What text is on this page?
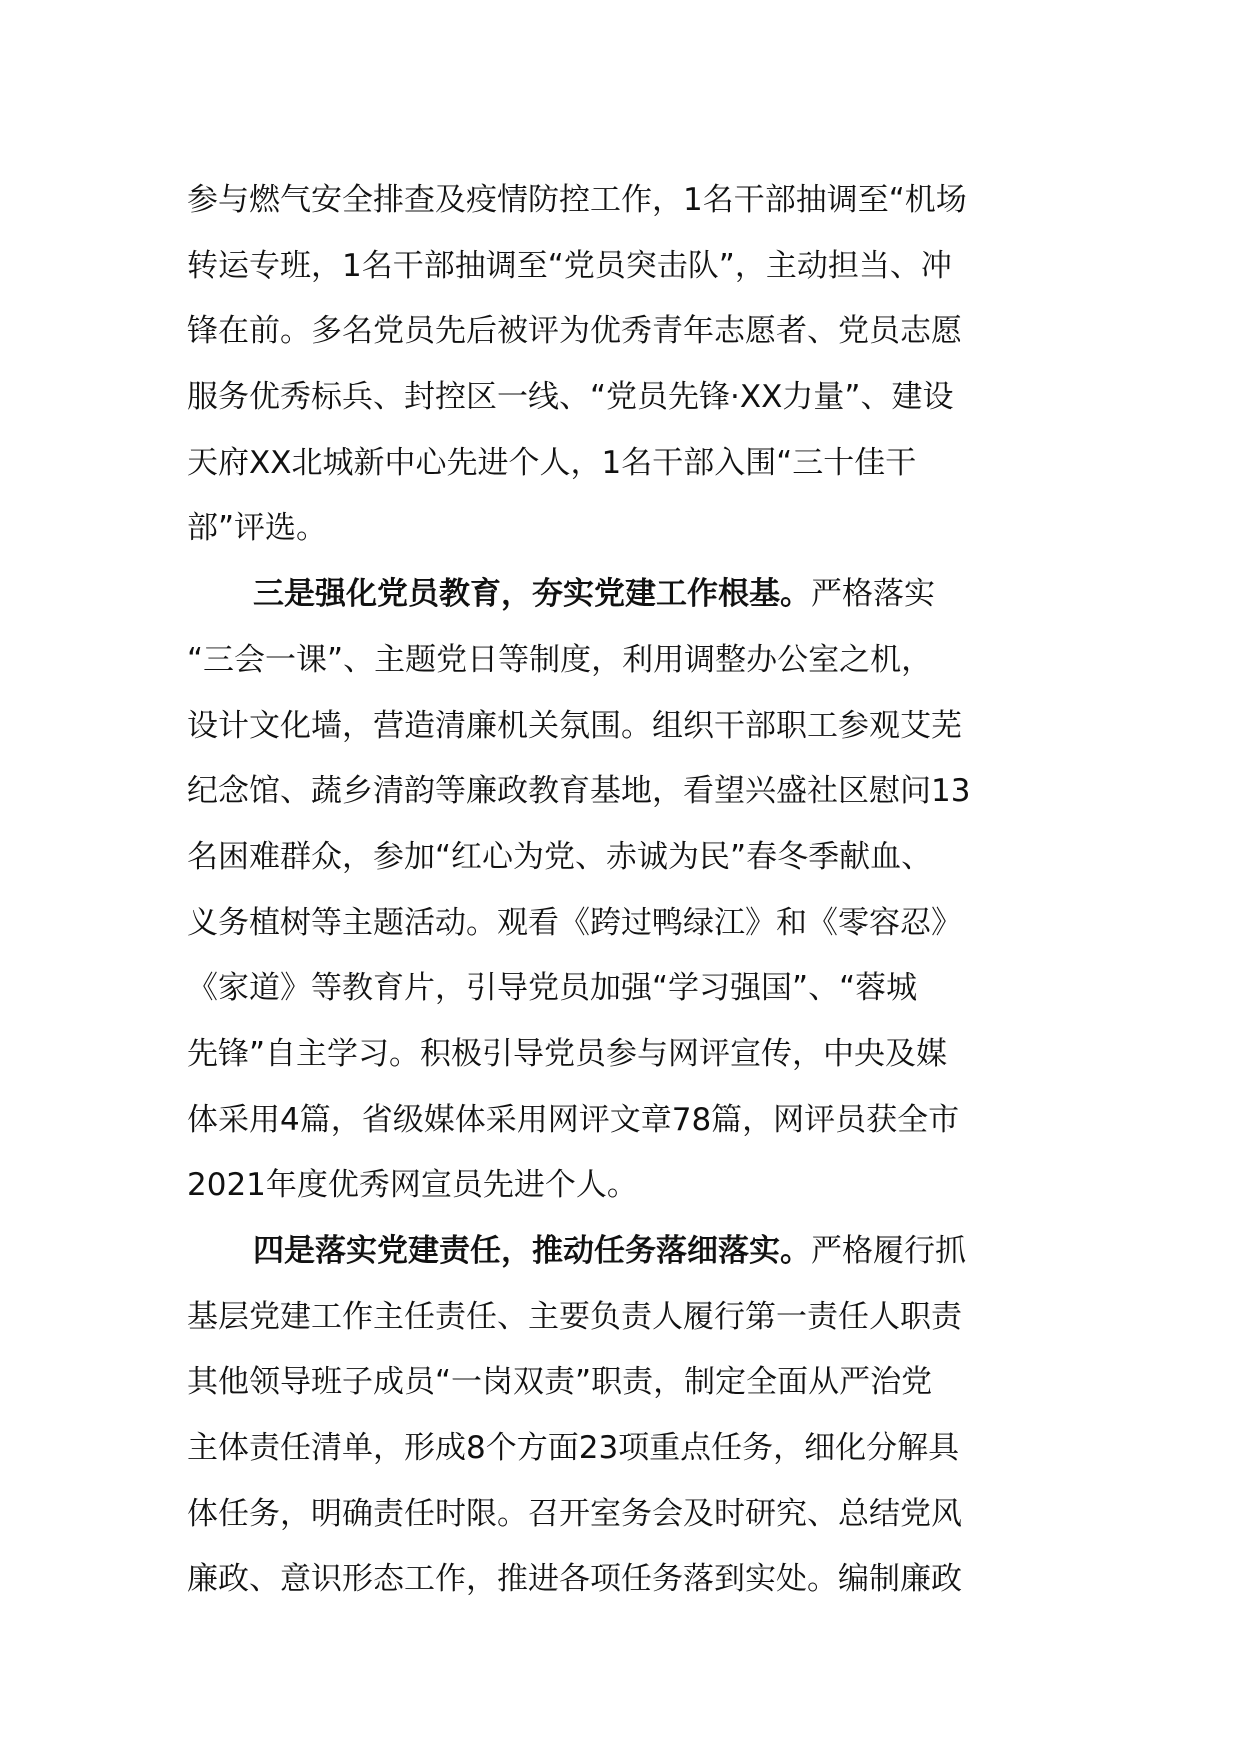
参与燃气安全排查及疫情防控工作，1名干部抽调至“机场
转运专班，1名干部抽调至“党员突击队”，主动担当、冲
锋在前。多名党员先后被评为优秀青年志愿者、党员志愿
服务优秀标兵、封控区一线、“党员先锋·XX力量”、建设
天府XX北城新中心先进个人，1名干部入围“三十佳干
部”评选。
三是强化党员教育，夯实党建工作根基。严格落实
“三会一课”、主题党日等制度，利用调整办公室之机，
设计文化墙，营造清廉机关氛围。组织干部职工参观艾芜
纪念馆、蔬乡清韵等廉政教育基地，看望兴盛社区慰问13
名困难群众，参加“红心为党、赤诚为民”春冬季献血、
义务植树等主题活动。观看《跨过鸭绿江》和《零容忍》
《家道》等教育片，引导党员加强“学习强国”、“蓉城
先锋”自主学习。积极引导党员参与网评宣传，中央及媒
体采用4篇，省级媒体采用网评文章78篇，网评员获全市
2021年度优秀网宣员先进个人。
四是落实党建责任，推动任务落细落实。严格履行抓
基层党建工作主任责任、主要负责人履行第一责任人职责
其他领导班子成员“一岗双责”职责，制定全面从严治党
主体责任清单，形成8个方面23项重点任务，细化分解具
体任务，明确责任时限。召开室务会及时研究、总结党风
廉政、意识形态工作，推进各项任务落到实处。编制廉政
